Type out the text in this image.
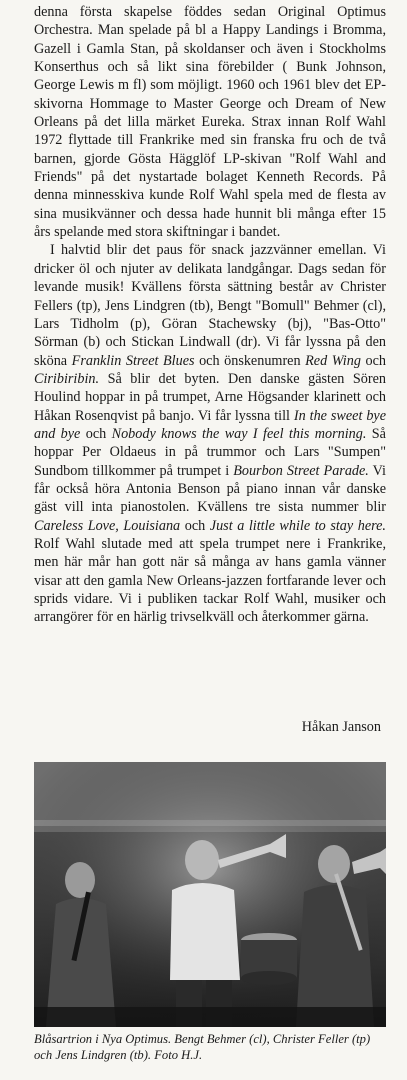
denna första skapelse föddes sedan Original Optimus Orchestra. Man spelade på bl a Happy Landings i Bromma, Gazell i Gamla Stan, på skoldanser och även i Stockholms Konserthus och så likt sina förebilder ( Bunk Johnson, George Lewis m fl) som möjligt. 1960 och 1961 blev det EP-skivorna Hommage to Master George och Dream of New Orleans på det lilla märket Eureka. Strax innan Rolf Wahl 1972 flyttade till Frankrike med sin franska fru och de två barnen, gjorde Gösta Hägglöf LP-skivan "Rolf Wahl and Friends" på det nystartade bolaget Kenneth Records. På denna minnesskiva kunde Rolf Wahl spela med de flesta av sina musikvänner och dessa hade hunnit bli många efter 15 års spelande med stora skiftningar i bandet.

I halvtid blir det paus för snack jazzvänner emellan. Vi dricker öl och njuter av delikata landgångar. Dags sedan för levande musik! Kvällens första sättning består av Christer Fellers (tp), Jens Lindgren (tb), Bengt "Bomull" Behmer (cl), Lars Tidholm (p), Göran Stachewsky (bj), "Bas-Otto" Sörman (b) och Stickan Lindwall (dr). Vi får lyssna på den sköna Franklin Street Blues och önskenumren Red Wing och Ciribiribin. Så blir det byten. Den danske gästen Sören Houlind hoppar in på trumpet, Arne Högsander klarinett och Håkan Rosenqvist på banjo. Vi får lyssna till In the sweet bye and bye och Nobody knows the way I feel this morning. Så hoppar Per Oldaeus in på trummor och Lars "Sumpen" Sundbom tillkommer på trumpet i Bourbon Street Parade. Vi får också höra Antonia Benson på piano innan vår danske gäst vill inta pianostolen. Kvällens tre sista nummer blir Careless Love, Louisiana och Just a little while to stay here. Rolf Wahl slutade med att spela trumpet nere i Frankrike, men här mår han gott när så många av hans gamla vänner visar att den gamla New Orleans-jazzen fortfarande lever och sprids vidare. Vi i publiken tackar Rolf Wahl, musiker och arrangörer för en härlig trivselkväll och återkommer gärna.

Håkan Janson
Blåsartrion i Nya Optimus. Bengt Behmer (cl), Christer Feller (tp) och Jens Lindgren (tb). Foto H.J.
